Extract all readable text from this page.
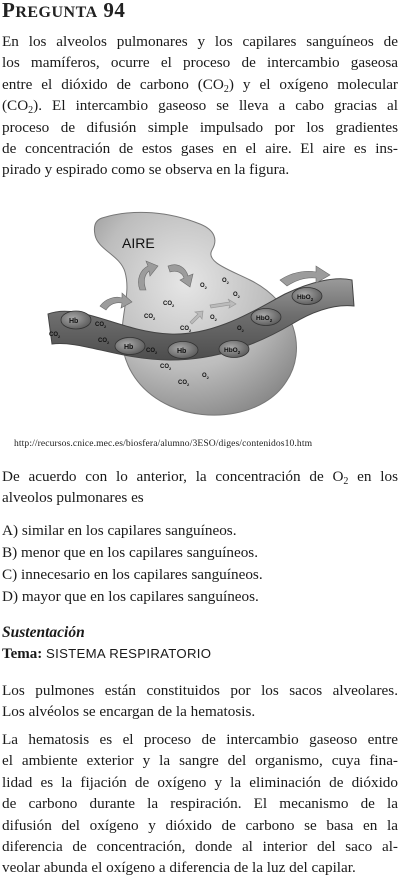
PREGUNTA 94
En los alveolos pulmonares y los capilares sanguíneos de
los mamíferos, ocurre el proceso de intercambio gaseosa
entre el dióxido de carbono $(CO_2)$ y el oxígeno molecular
$(CO_2)$. El intercambio gaseoso se lleva a cabo gracias al
proceso de difusión simple impulsado por los gradientes
de concentración de estos gases en el aire. El aire es ins-
pirado y espirado como se observa en la figura.
AIRE
Hb
Hb
Hb	HbO$_2$
HbO$_2$
HbO$_2$
$CO_2$
$CO_2$
$CO_2$
$CO_2$
$CO_2$
$CO_2$
$CO_2$
$CO_2$
$CO_2$
$O_2$
$O_2$
$O_2$
$O_2$
$O_2$
$O_2$
http://recursos.cnice.mec.es/biosfera/alumno/3ESO/diges/contenidos10.htm
De acuerdo con lo anterior, la concentración de $O_2$ en los
alveolos pulmonares es
A) similar en los capilares sanguíneos.
B) menor que en los capilares sanguíneos.
C) innecesario en los capilares sanguíneos.
D) mayor que en los capilares sanguíneos.
Sustentación
Tema: SISTEMA RESPIRATORIO
Los pulmones están constituidos por los sacos alveolares.
Los alvéolos se encargan de la hematosis.
La hematosis es el proceso de intercambio gaseoso entre
el ambiente exterior y la sangre del organismo, cuya fina-
lidad es la fijación de oxígeno y la eliminación de dióxido
de carbono durante la respiración. El mecanismo de la
difusión del oxígeno y dióxido de carbono se basa en la
diferencia de concentración, donde al interior del saco al-
veolar abunda el oxígeno a diferencia de la luz del capilar.
